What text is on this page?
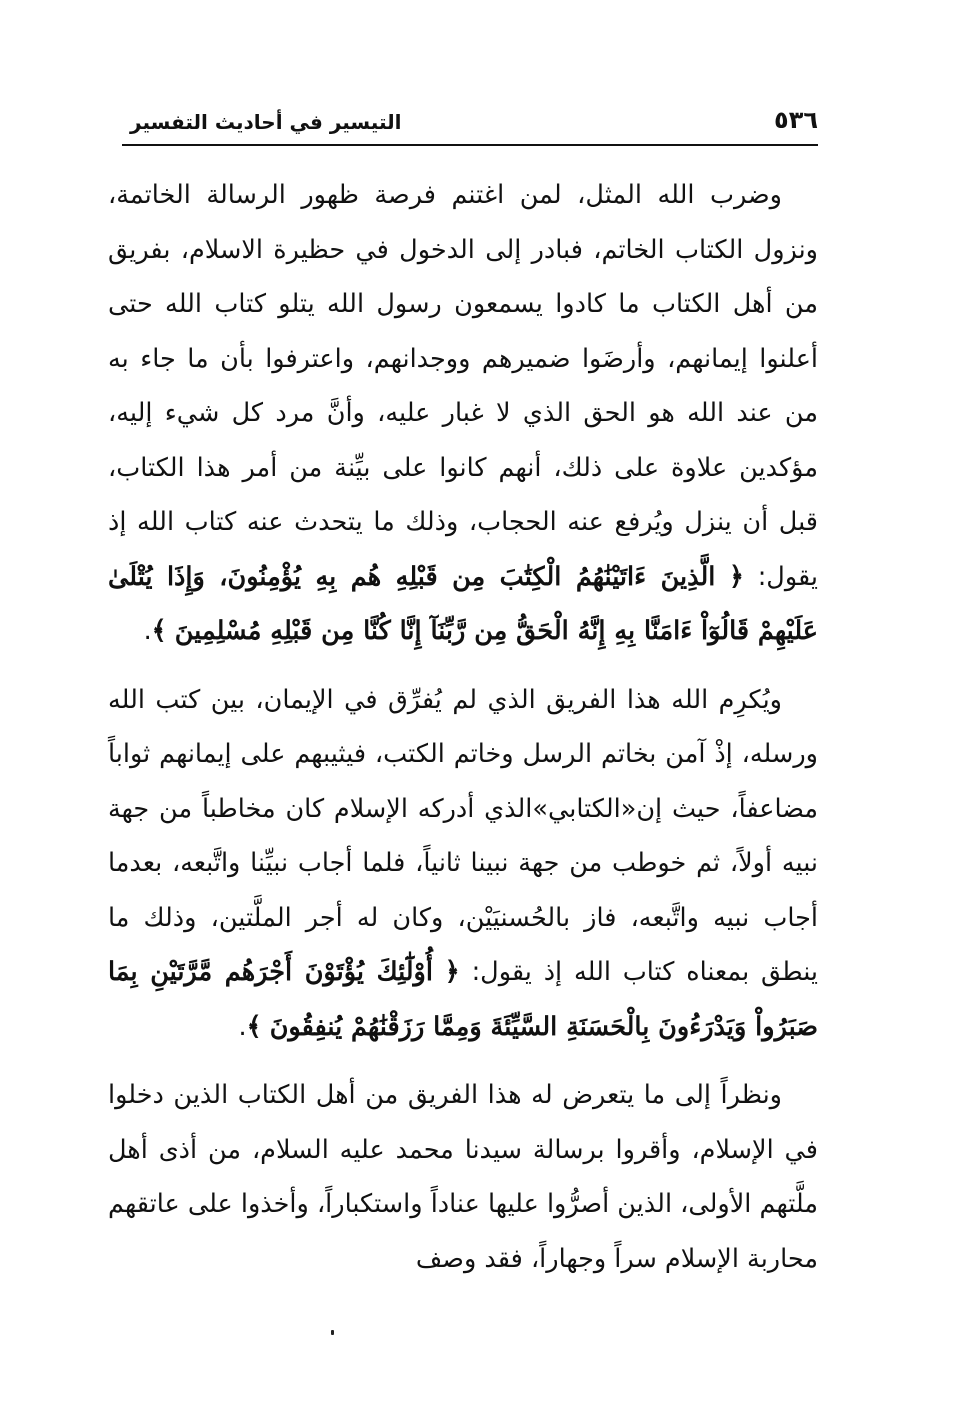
٥٣٦
التيسير في أحاديث التفسير

وضرب الله المثل، لمن اغتنم فرصة ظهور الرسالة الخاتمة، ونزول الكتاب الخاتم، فبادر إلى الدخول في حظيرة الاسلام، بفريق من أهل الكتاب ما كادوا يسمعون رسول الله يتلو كتاب الله حتى أعلنوا إيمانهم، وأرضَوا ضميرهم ووجدانهم، واعترفوا بأن ما جاء به من عند الله هو الحق الذي لا غبار عليه، وأنَّ مرد كل شيء إليه، مؤكدين علاوة على ذلك، أنهم كانوا على بيِّنة من أمر هذا الكتاب، قبل أن ينزل ويُرفع عنه الحجاب، وذلك ما يتحدث عنه كتاب الله إذ يقول: ﴿ الَّذِينَ ءَاتَيْنَٰهُمُ الْكِتَٰبَ مِن قَبْلِهِ هُم بِهِ يُؤْمِنُونَ، وَإِذَا يُتْلَىٰ عَلَيْهِمْ قَالُوٓاْ ءَامَنَّا بِهِ إِنَّهُ الْحَقُّ مِن رَّبِّنَآ إِنَّا كُنَّا مِن قَبْلِهِ مُسْلِمِينَ ﴾.

ويُكرِم الله هذا الفريق الذي لم يُفرِّق في الإيمان، بين كتب الله ورسله، إذْ آمن بخاتم الرسل وخاتم الكتب، فيثيبهم على إيمانهم ثواباً مضاعفاً، حيث إن«الكتابي»الذي أدركه الإسلام كان مخاطباً من جهة نبيه أولاً، ثم خوطب من جهة نبينا ثانياً، فلما أجاب نبيِّنا واتَّبعه، بعدما أجاب نبيه واتَّبعه، فاز بالحُسنيَيْن، وكان له أجر الملَّتين، وذلك ما ينطق بمعناه كتاب الله إذ يقول: ﴿ أُوْلَٰٓئِكَ يُؤْتَوْنَ أَجْرَهُم مَّرَّتَيْنِ بِمَا صَبَرُواْ وَيَدْرَءُونَ بِالْحَسَنَةِ السَّيِّئَةَ وَمِمَّا رَزَقْنَٰهُمْ يُنفِقُونَ ﴾.

ونظراً إلى ما يتعرض له هذا الفريق من أهل الكتاب الذين دخلوا في الإسلام، وأقروا برسالة سيدنا محمد عليه السلام، من أذى أهل ملَّتهم الأولى، الذين أصرُّوا عليها عناداً واستكباراً، وأخذوا على عاتقهم محاربة الإسلام سراً وجهاراً، فقد وصف
